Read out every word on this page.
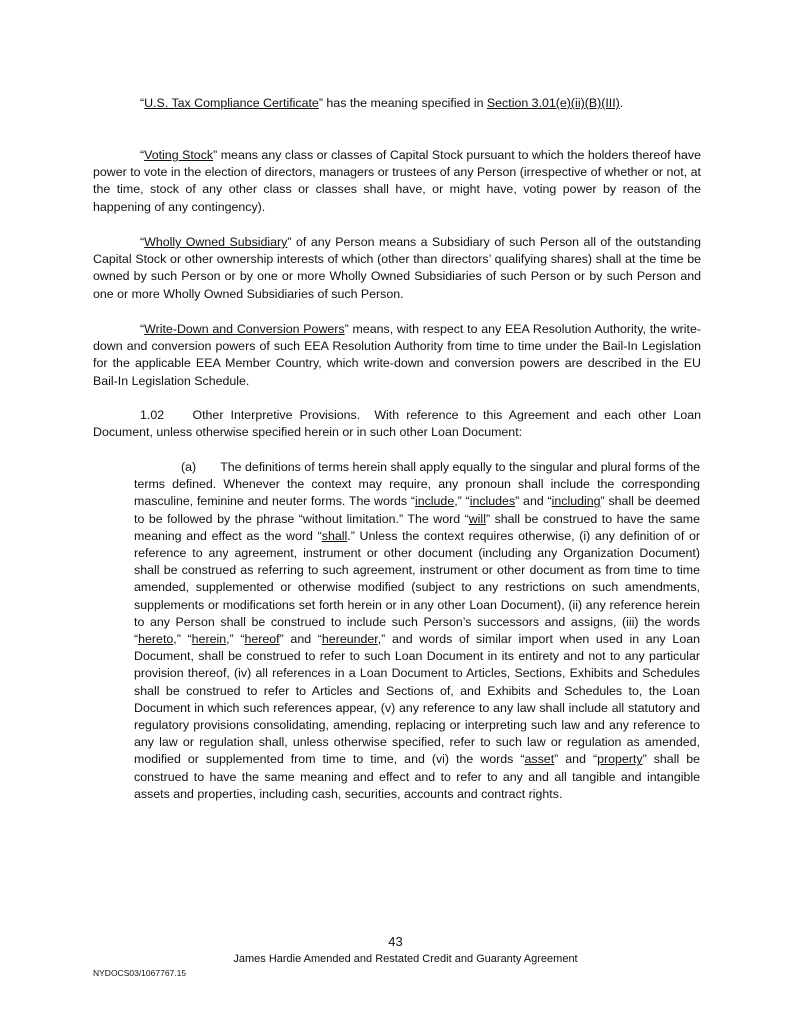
“U.S. Tax Compliance Certificate” has the meaning specified in Section 3.01(e)(ii)(B)(III).

“Voting Stock” means any class or classes of Capital Stock pursuant to which the holders thereof have power to vote in the election of directors, managers or trustees of any Person (irrespective of whether or not, at the time, stock of any other class or classes shall have, or might have, voting power by reason of the happening of any contingency).

“Wholly Owned Subsidiary” of any Person means a Subsidiary of such Person all of the outstanding Capital Stock or other ownership interests of which (other than directors’ qualifying shares) shall at the time be owned by such Person or by one or more Wholly Owned Subsidiaries of such Person or by such Person and one or more Wholly Owned Subsidiaries of such Person.

“Write-Down and Conversion Powers” means, with respect to any EEA Resolution Authority, the write-down and conversion powers of such EEA Resolution Authority from time to time under the Bail-In Legislation for the applicable EEA Member Country, which write-down and conversion powers are described in the EU Bail-In Legislation Schedule.

1.02 Other Interpretive Provisions. With reference to this Agreement and each other Loan Document, unless otherwise specified herein or in such other Loan Document:

(a) The definitions of terms herein shall apply equally to the singular and plural forms of the terms defined. Whenever the context may require, any pronoun shall include the corresponding masculine, feminine and neuter forms. The words “include,” “includes” and “including” shall be deemed to be followed by the phrase “without limitation.” The word “will” shall be construed to have the same meaning and effect as the word “shall.” Unless the context requires otherwise, (i) any definition of or reference to any agreement, instrument or other document (including any Organization Document) shall be construed as referring to such agreement, instrument or other document as from time to time amended, supplemented or otherwise modified (subject to any restrictions on such amendments, supplements or modifications set forth herein or in any other Loan Document), (ii) any reference herein to any Person shall be construed to include such Person’s successors and assigns, (iii) the words “hereto,” “herein,” “hereof” and “hereunder,” and words of similar import when used in any Loan Document, shall be construed to refer to such Loan Document in its entirety and not to any particular provision thereof, (iv) all references in a Loan Document to Articles, Sections, Exhibits and Schedules shall be construed to refer to Articles and Sections of, and Exhibits and Schedules to, the Loan Document in which such references appear, (v) any reference to any law shall include all statutory and regulatory provisions consolidating, amending, replacing or interpreting such law and any reference to any law or regulation shall, unless otherwise specified, refer to such law or regulation as amended, modified or supplemented from time to time, and (vi) the words “asset” and “property” shall be construed to have the same meaning and effect and to refer to any and all tangible and intangible assets and properties, including cash, securities, accounts and contract rights.

43
James Hardie Amended and Restated Credit and Guaranty Agreement
NYDOCS03/1067767.15
